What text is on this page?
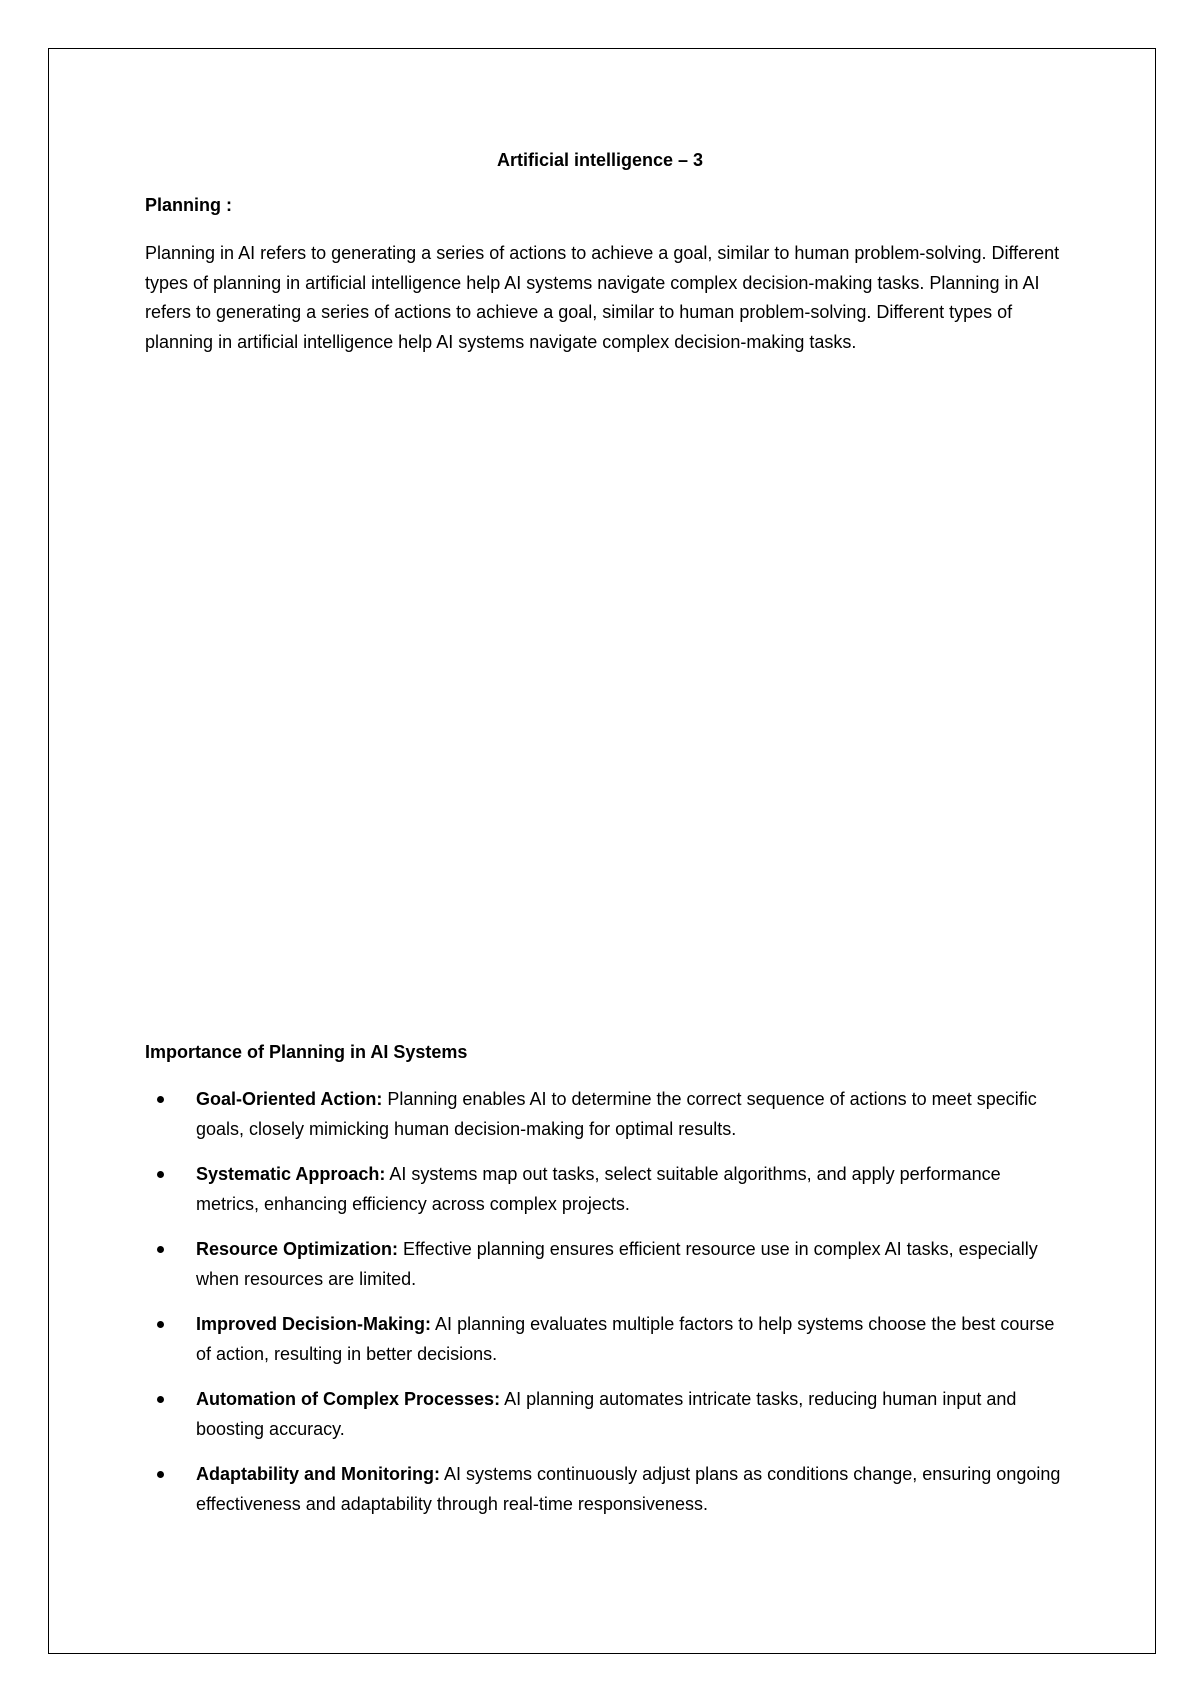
Artificial intelligence – 3
Planning :

Planning in AI refers to generating a series of actions to achieve a goal, similar to human problem-solving. Different types of planning in artificial intelligence help AI systems navigate complex decision-making tasks. Planning in AI refers to generating a series of actions to achieve a goal, similar to human problem-solving. Different types of planning in artificial intelligence help AI systems navigate complex decision-making tasks.

Importance of Planning in AI Systems
Goal-Oriented Action: Planning enables AI to determine the correct sequence of actions to meet specific goals, closely mimicking human decision-making for optimal results.
Systematic Approach: AI systems map out tasks, select suitable algorithms, and apply performance metrics, enhancing efficiency across complex projects.
Resource Optimization: Effective planning ensures efficient resource use in complex AI tasks, especially when resources are limited.
Improved Decision-Making: AI planning evaluates multiple factors to help systems choose the best course of action, resulting in better decisions.
Automation of Complex Processes: AI planning automates intricate tasks, reducing human input and boosting accuracy.
Adaptability and Monitoring: AI systems continuously adjust plans as conditions change, ensuring ongoing effectiveness and adaptability through real-time responsiveness.
